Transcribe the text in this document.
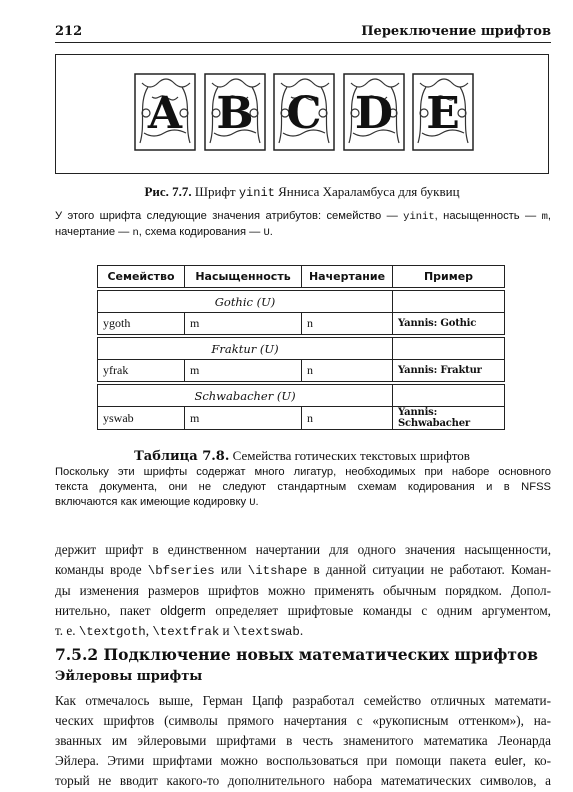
212	Переключение шрифтов
A B C D E
Рис. 7.7. Шрифт yinit Янниса Хараламбуса для буквиц
У этого шрифта следующие значения атрибутов: семейство — yinit, насыщенность — m,
начертание — n, схема кодирования — U.
Семейство	Насыщенность	Начертание	Пример

Gothic (U)			
ygoth	m	n	Yannis: Gothic

Fraktur (U)			
yfrak	m	n	Yannis: Fraktur

Schwabacher (U)			
yswab	m	n	Yannis: Schwabacher
Таблица 7.8. Семейства готических текстовых шрифтов
Поскольку эти шрифты содержат много лигатур, необходимых при наборе основного
текста документа, они не следуют стандартным схемам кодирования и в NFSS
включаются как имеющие кодировку U.
держит шрифт в единственном начертании для одного значения насыщенности,
команды вроде \bfseries или \itshape в данной ситуации не работают. Коман-
ды изменения размеров шрифтов можно применять обычным порядком. Допол-
нительно, пакет oldgerm определяет шрифтовые команды с одним аргументом,
т. е. \textgoth, \textfrak и \textswab.
7.5.2 Подключение новых математических шрифтов
Эйлеровы шрифты
Как отмечалось выше, Герман Цапф разработал семейство отличных математи-
ческих шрифтов (символы прямого начертания с «рукописным оттенком»), на-
званных им эйлеровыми шрифтами в честь знаменитого математика Леонарда
Эйлера. Этими шрифтами можно воспользоваться при помощи пакета euler, ко-
торый не вводит какого-то дополнительного набора математических символов, а
